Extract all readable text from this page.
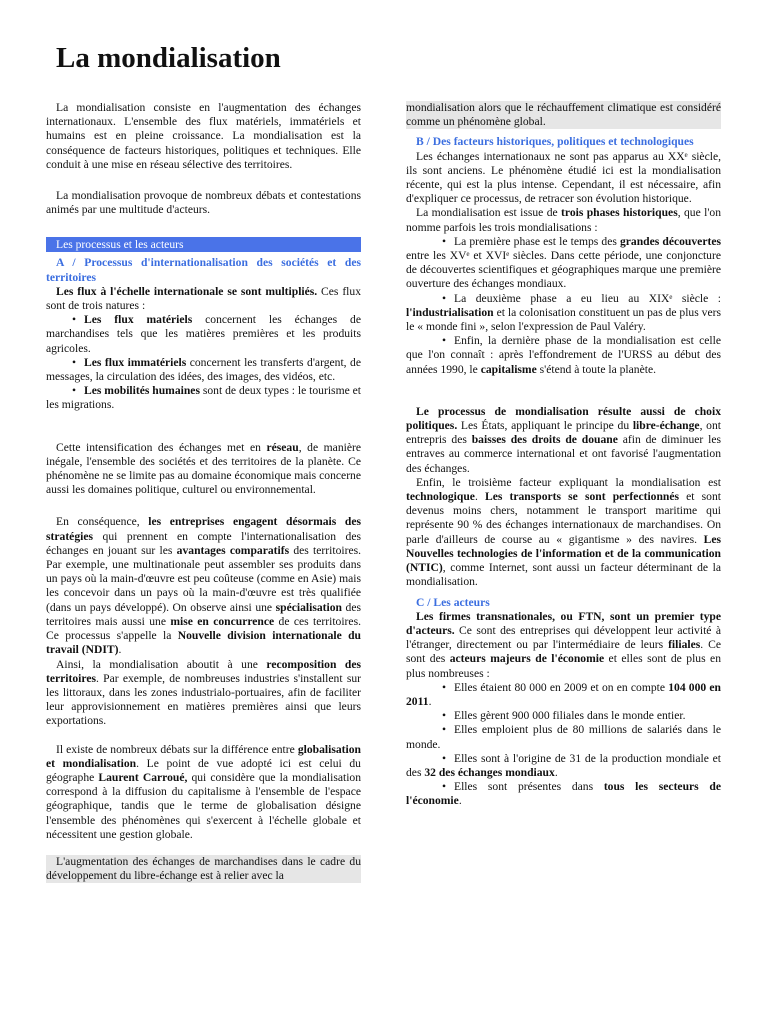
La mondialisation

La mondialisation consiste en l'augmentation des échanges internationaux. L'ensemble des flux matériels, immatériels et humains est en pleine croissance. La mondialisation est la conséquence de facteurs historiques, politiques et techniques. Elle conduit à une mise en réseau sélective des territoires.

La mondialisation provoque de nombreux débats et contestations animés par une multitude d'acteurs.

Les processus et les acteurs

A / Processus d'internationalisation des sociétés et des territoires

Les flux à l'échelle internationale se sont multipliés. Ces flux sont de trois natures :

• Les flux matériels concernent les échanges de marchandises tels que les matières premières et les produits agricoles.

• Les flux immatériels concernent les transferts d'argent, de messages, la circulation des idées, des images, des vidéos, etc.

• Les mobilités humaines sont de deux types : le tourisme et les migrations.

Cette intensification des échanges met en réseau, de manière inégale, l'ensemble des sociétés et des territoires de la planète. Ce phénomène ne se limite pas au domaine économique mais concerne aussi les domaines politique, culturel ou environnemental.

En conséquence, les entreprises engagent désormais des stratégies qui prennent en compte l'internationalisation des échanges en jouant sur les avantages comparatifs des territoires. Par exemple, une multinationale peut assembler ses produits dans un pays où la main-d'œuvre est peu coûteuse (comme en Asie) mais les concevoir dans un pays où la main-d'œuvre est très qualifiée (dans un pays développé). On observe ainsi une spécialisation des territoires mais aussi une mise en concurrence de ces territoires. Ce processus s'appelle la Nouvelle division internationale du travail (NDIT).

Ainsi, la mondialisation aboutit à une recomposition des territoires. Par exemple, de nombreuses industries s'installent sur les littoraux, dans les zones industrialo-portuaires, afin de faciliter leur approvisionnement en matières premières ainsi que leurs exportations.

Il existe de nombreux débats sur la différence entre globalisation et mondialisation. Le point de vue adopté ici est celui du géographe Laurent Carroué, qui considère que la mondialisation correspond à la diffusion du capitalisme à l'ensemble de l'espace géographique, tandis que le terme de globalisation désigne l'ensemble des phénomènes qui s'exercent à l'échelle globale et nécessitent une gestion globale.

L'augmentation des échanges de marchandises dans le cadre du développement du libre-échange est à relier avec la

mondialisation alors que le réchauffement climatique est considéré comme un phénomène global.

B / Des facteurs historiques, politiques et technologiques

Les échanges internationaux ne sont pas apparus au XXᵉ siècle, ils sont anciens. Le phénomène étudié ici est la mondialisation récente, qui est la plus intense. Cependant, il est nécessaire, afin d'expliquer ce processus, de retracer son évolution historique.

La mondialisation est issue de trois phases historiques, que l'on nomme parfois les trois mondialisations :

• La première phase est le temps des grandes découvertes entre les XVᵉ et XVIᵉ siècles. Dans cette période, une conjoncture de découvertes scientifiques et géographiques marque une première ouverture des échanges mondiaux.

• La deuxième phase a eu lieu au XIXᵉ siècle : l'industrialisation et la colonisation constituent un pas de plus vers le « monde fini », selon l'expression de Paul Valéry.

• Enfin, la dernière phase de la mondialisation est celle que l'on connaît : après l'effondrement de l'URSS au début des années 1990, le capitalisme s'étend à toute la planète.

Le processus de mondialisation résulte aussi de choix politiques. Les États, appliquant le principe du libre-échange, ont entrepris des baisses des droits de douane afin de diminuer les entraves au commerce international et ont favorisé l'augmentation des échanges.

Enfin, le troisième facteur expliquant la mondialisation est technologique. Les transports se sont perfectionnés et sont devenus moins chers, notamment le transport maritime qui représente 90 % des échanges internationaux de marchandises. On parle d'ailleurs de course au « gigantisme » des navires. Les Nouvelles technologies de l'information et de la communication (NTIC), comme Internet, sont aussi un facteur déterminant de la mondialisation.

C / Les acteurs

Les firmes transnationales, ou FTN, sont un premier type d'acteurs. Ce sont des entreprises qui développent leur activité à l'étranger, directement ou par l'intermédiaire de leurs filiales. Ce sont des acteurs majeurs de l'économie et elles sont de plus en plus nombreuses :

• Elles étaient 80 000 en 2009 et on en compte 104 000 en 2011.

• Elles gèrent 900 000 filiales dans le monde entier.

• Elles emploient plus de 80 millions de salariés dans le monde.

• Elles sont à l'origine de 31 de la production mondiale et des 32 des échanges mondiaux.

• Elles sont présentes dans tous les secteurs de l'économie.
